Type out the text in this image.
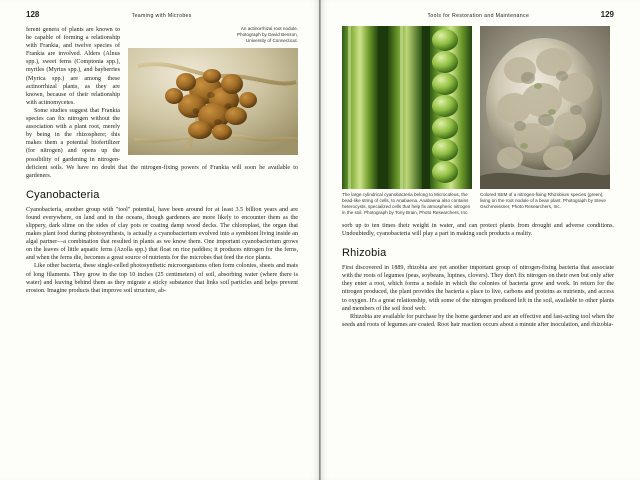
128	Teaming with Microbes
An actinorrhizal root nodule.
Photograph by David Benson,
University of Connecticut.

ferent genera of plants are known to be capable of forming a relationship with Frankia, and twelve species of Frankia are involved. Alders (Alnus spp.), sweet ferns (Comptonia spp.), myrtles (Myrtus spp.), and bayberries (Myrica spp.) are among these actinorrhizal plants, as they are known, because of their relationship with actinomycetes.

Some studies suggest that Frankia species can fix nitrogen without the association with a plant root, merely by being in the rhizosphere; this makes them a potential biofertilizer (for nitrogen) and opens up the possibility of gardening in nitrogen-deficient soils. We have no doubt that the nitrogen-fixing powers of Frankia will soon be available to gardeners.

Cyanobacteria

Cyanobacteria, another group with "tool" potential, have been around for at least 3.5 billion years and are found everywhere, on land and in the oceans, though gardeners are more likely to encounter them as the slippery, dark slime on the sides of clay pots or coating damp wood decks. The chloroplast, the organ that makes plant food during photosynthesis, is actually a cyanobacterium evolved into a symbiont living inside an algal partner—a combination that resulted in plants as we know them. One important cyanobacterium grows on the leaves of little aquatic ferns (Azolla spp.) that float on rice paddies; it produces nitrogen for the ferns, and when the ferns die, becomes a great source of nutrients for the microbes that feed the rice plants.

Like other bacteria, these single-celled photosynthetic microorganisms often form colonies, sheets and mats of long filaments. They grow in the top 10 inches (25 centimeters) of soil, absorbing water (where there is water) and leaving behind them as they migrate a sticky substance that links soil particles and helps prevent erosion. Imagine products that improve soil structure, ab-

Tools for Restoration and Maintenance	129
The large cylindrical cyanobacteria belong to Microcoleus, the bead-like string of cells, to Anabaena. Anabaena also contains heterocysts, specialized cells that help fix atmospheric nitrogen in the soil. Photograph by Tony Brain, Photo Researchers, Inc.
Colored SEM of a nitrogen-fixing Rhizobium species (green), living on the root nodule of a bean plant. Photograph by Steve Gschmeissner, Photo Researchers, Inc.

sorb up to ten times their weight in water, and can protect plants from drought and adverse conditions. Undoubtedly, cyanobacteria will play a part in making such products a reality.

Rhizobia

First discovered in 1889, rhizobia are yet another important group of nitrogen-fixing bacteria that associate with the roots of legumes (peas, soybeans, lupines, clovers). They don't fix nitrogen on their own but only after they enter a root, which forms a nodule in which the colonies of bacteria grow and work. In return for the nitrogen produced, the plant provides the bacteria a place to live, carbons and proteins as nutrients, and access to oxygen. It's a great relationship, with some of the nitrogen produced left in the soil, available to other plants and members of the soil food web.

Rhizobia are available for purchase by the home gardener and are an effective and fast-acting tool when the seeds and roots of legumes are coated. Root hair reaction occurs about a minute after inoculation, and rhizobia-
